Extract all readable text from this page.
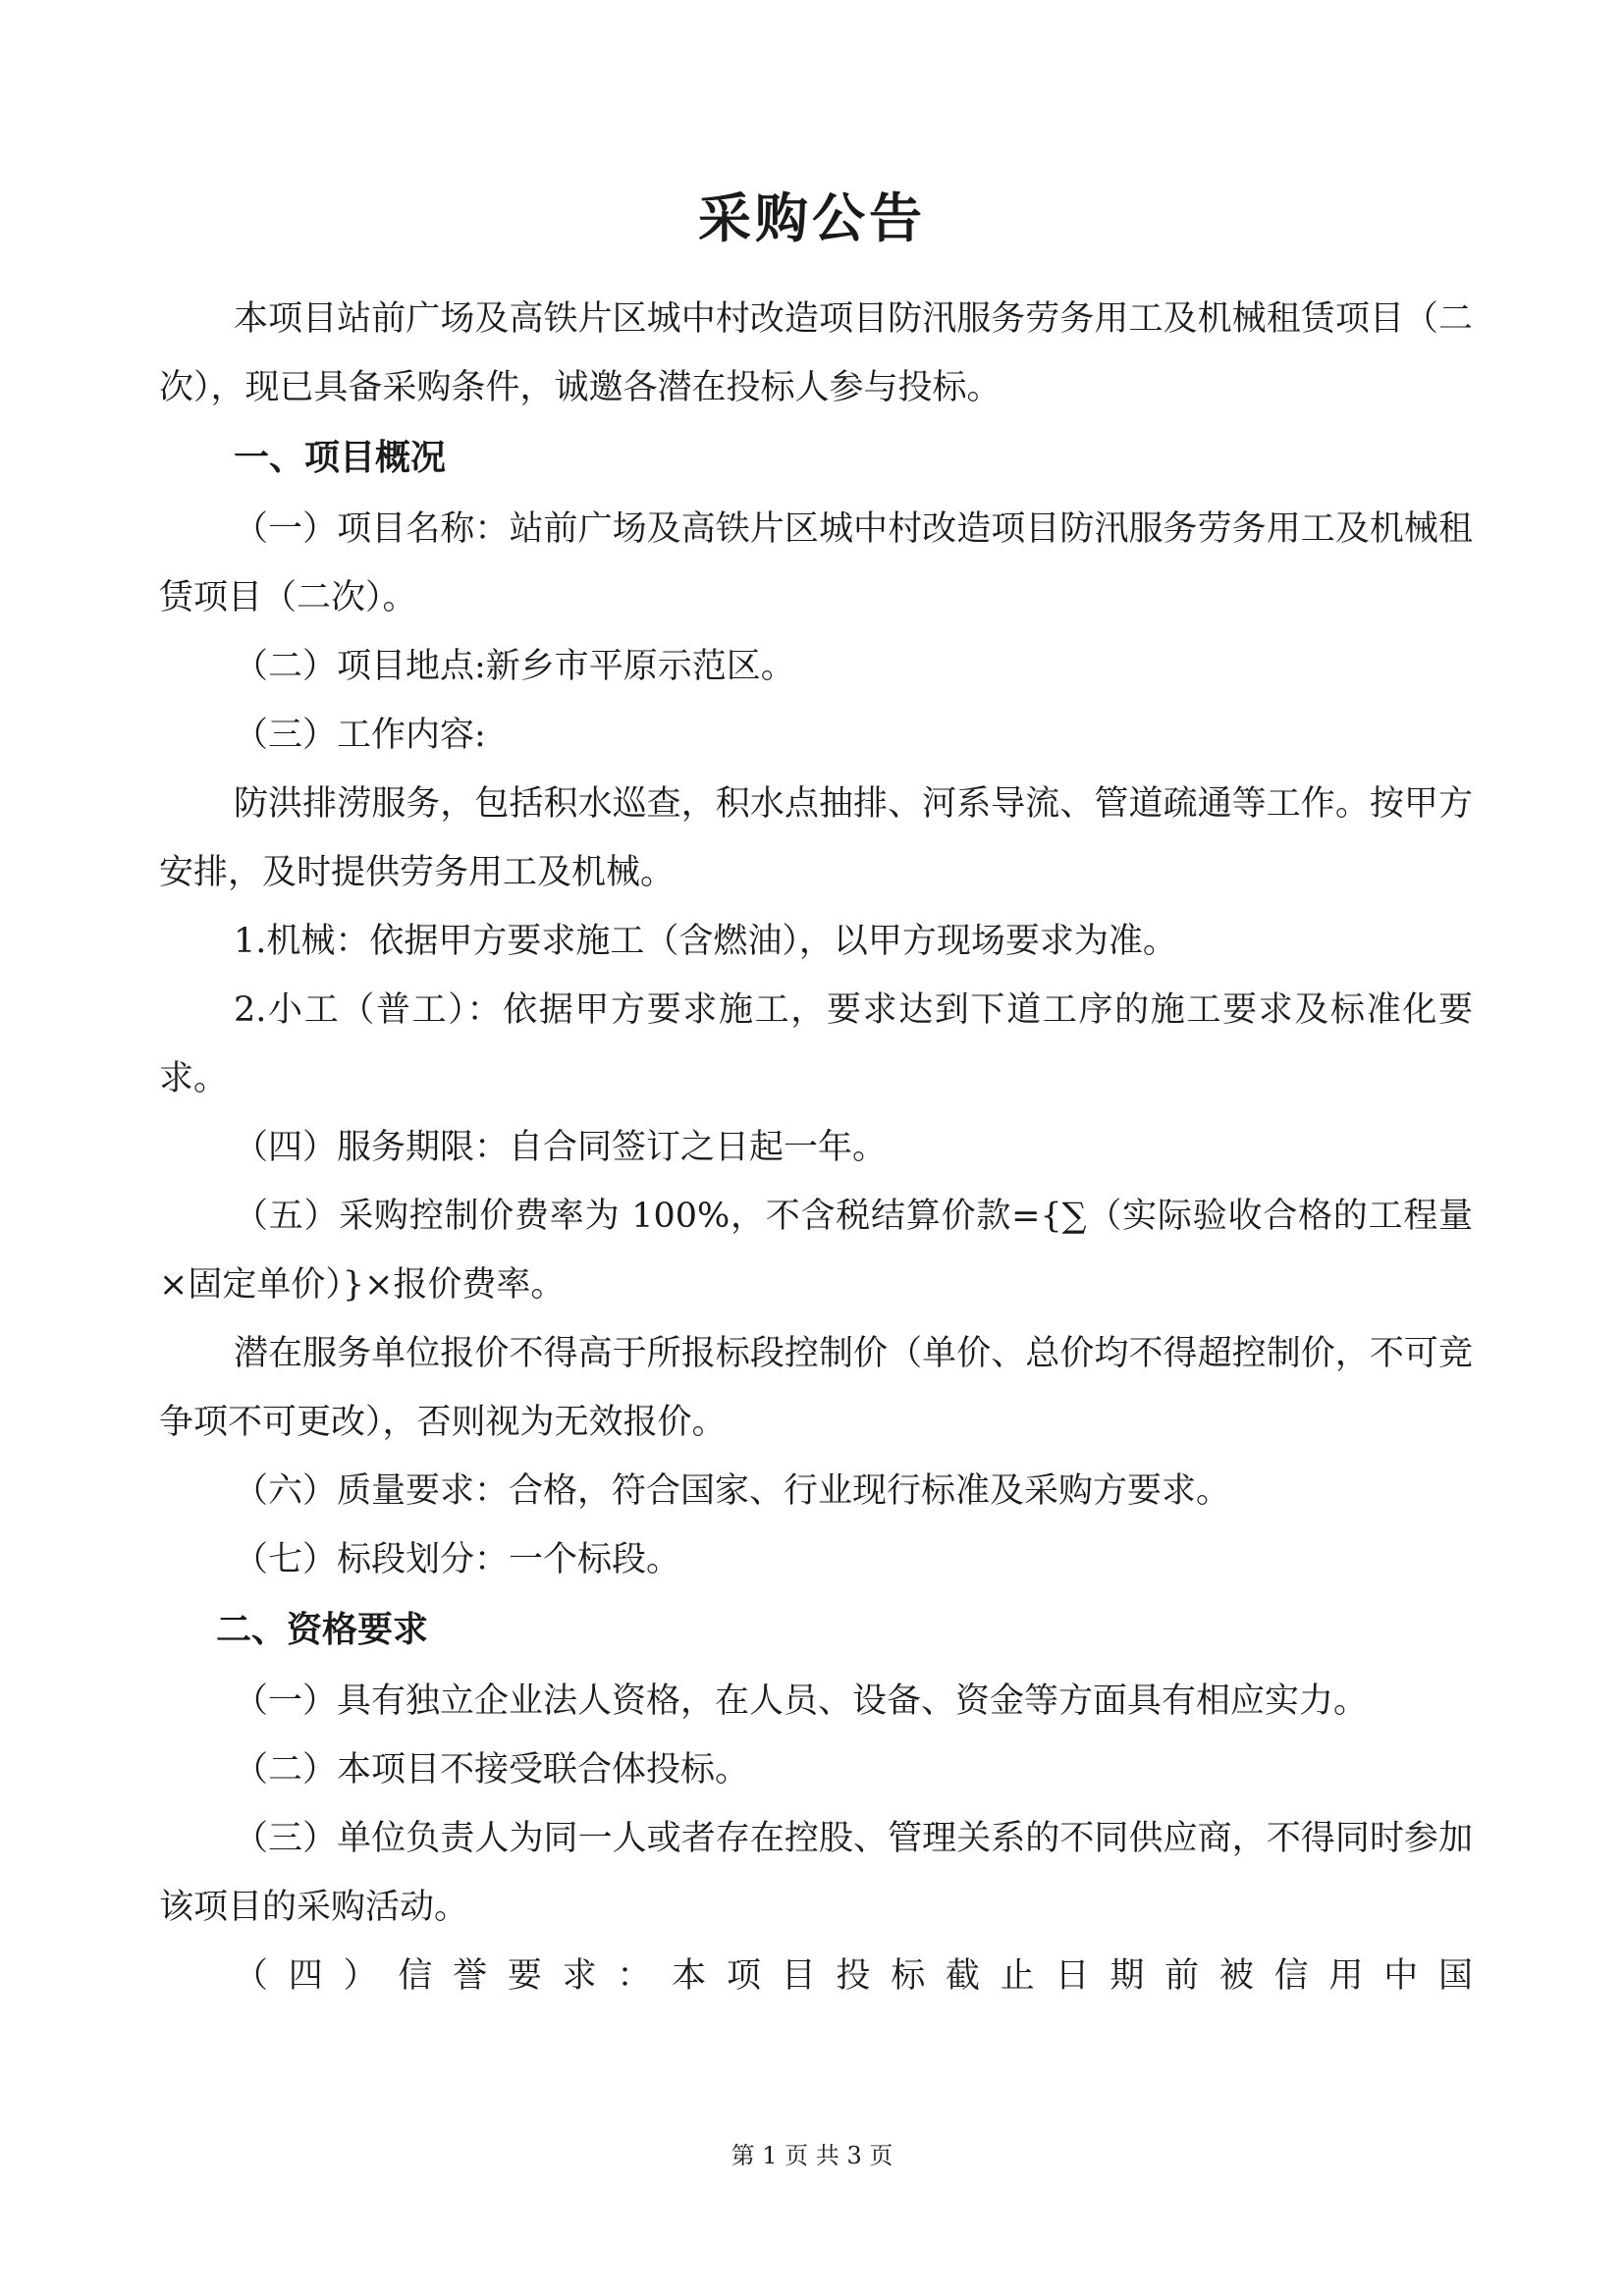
采购公告

本项目站前广场及高铁片区城中村改造项目防汛服务劳务用工及机械租赁项目（二次），现已具备采购条件，诚邀各潜在投标人参与投标。

一、项目概况

（一）项目名称：站前广场及高铁片区城中村改造项目防汛服务劳务用工及机械租赁项目（二次）。

（二）项目地点:新乡市平原示范区。

（三）工作内容:

防洪排涝服务，包括积水巡查，积水点抽排、河系导流、管道疏通等工作。按甲方安排，及时提供劳务用工及机械。

1.机械：依据甲方要求施工（含燃油），以甲方现场要求为准。

2.小工（普工）：依据甲方要求施工，要求达到下道工序的施工要求及标准化要求。

（四）服务期限：自合同签订之日起一年。

（五）采购控制价费率为 100%，不含税结算价款={∑（实际验收合格的工程量×固定单价）}×报价费率。

潜在服务单位报价不得高于所报标段控制价（单价、总价均不得超控制价，不可竞争项不可更改），否则视为无效报价。

（六）质量要求：合格，符合国家、行业现行标准及采购方要求。

（七）标段划分：一个标段。

二、资格要求

（一）具有独立企业法人资格，在人员、设备、资金等方面具有相应实力。

（二）本项目不接受联合体投标。

（三）单位负责人为同一人或者存在控股、管理关系的不同供应商，不得同时参加该项目的采购活动。

（四）信誉要求：本项目投标截止日期前被信用中国

第 1 页 共 3 页
